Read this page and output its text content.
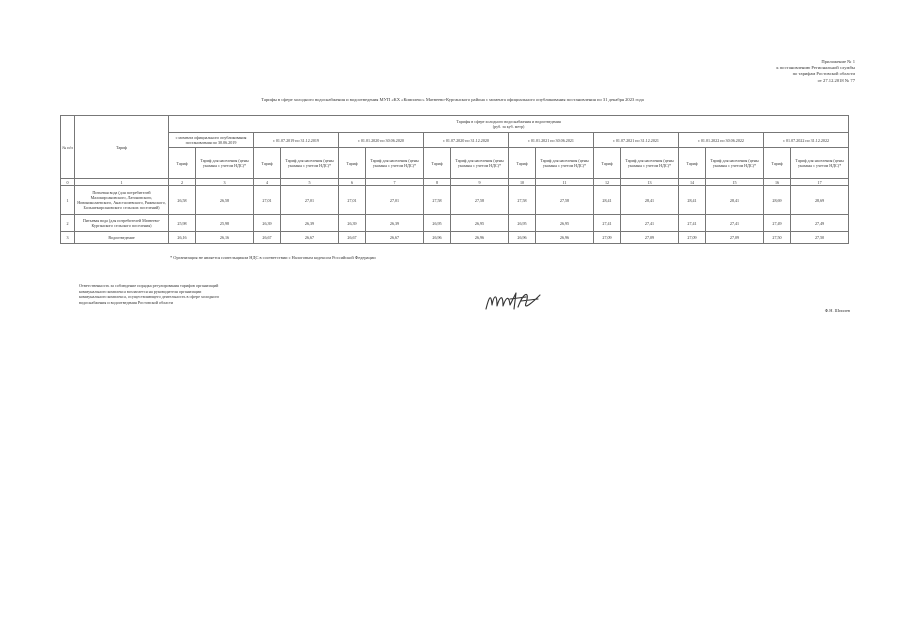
Приложение № 1
к постановлению Региональной службы
по тарифам Ростовской области
от 27.12.2018 № 77
Тарифы в сфере холодного водоснабжения и водоотведения МУП «КХ «Комплекс» Матвеево-Курганского района с момента официального опубликования постановления по 31 декабря 2023 года
№ п/п	Тариф	Тарифы в сфере холодного водоснабжения и водоотведения
(руб. за куб. метр)															

		с момента официального опубликования постановления по 30.06.2019		с 01.07.2019 по 31.12.2019		с 01.01.2020 по 30.06.2020		с 01.07.2020 по 31.12.2020		с 01.01.2021 по 30.06.2021		с 01.07.2021 по 31.12.2021		с 01.01.2022 по 30.06.2022		с 01.07.2022 по 31.12.2022	
		Тариф	Тариф для населения (цены указаны с учетом НДС)*	Тариф	Тариф для населения (цены указаны с учетом НДС)*	Тариф	Тариф для населения (цены указаны с учетом НДС)*	Тариф	Тариф для населения (цены указаны с учетом НДС)*	Тариф	Тариф для населения (цены указаны с учетом НДС)*	Тариф	Тариф для населения (цены указаны с учетом НДС)*	Тариф	Тариф для населения (цены указаны с учетом НДС)*	Тариф	Тариф для населения (цены указаны с учетом НДС)*
0	1	2	3	4	5	6	7	8	9	10	11	12	13	14	15	16	17
1	Питьевая вода (для потребителей Малокирсановского, Латоновского, Новониколаевского, Анастасиевского, Ряженского, Большекирсановского сельских поселений)	26,58	26,58	27,01	27,01	27,01	27,01	27,58	27,58	27,58	27,58	28,41	28,41	28,41	28,41	28,69	28,69
2	Питьевая вода (для потребителей Матвеево-Курганского сельского поселения)	25,98	25,98	26,39	26,39	26,39	26,39	26,95	26,95	26,95	26,95	27,41	27,41	27,41	27,41	27,49	27,49
3	Водоотведение	26,16	26,16	26,67	26,67	26,67	26,67	26,96	26,96	26,96	26,96	27,09	27,09	27,09	27,09	27,50	27,50
* Организация не является плательщиком НДС в соответствии с Налоговым кодексом Российской Федерации
Ответственность за соблюдение порядка регулирования тарифов организаций коммунального комплекса возлагается на руководителя организации коммунального комплекса, осуществляющего деятельность в сфере холодного водоснабжения и водоотведения Ростовской области
Ф.Н. Шпилев
